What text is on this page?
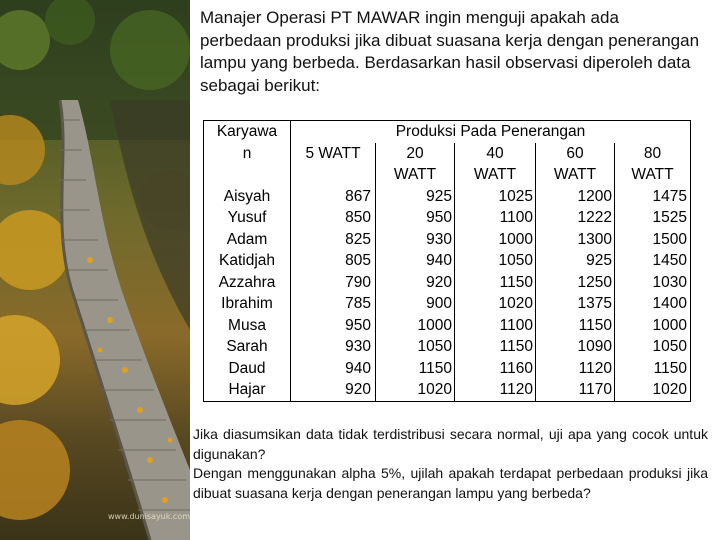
www.dunisayuk.com
Manajer Operasi PT MAWAR ingin menguji apakah ada perbedaan produksi jika dibuat suasana kerja dengan penerangan lampu yang berbeda. Berdasarkan hasil observasi diperoleh data sebagai berikut:
Karyawa	Produksi Pada Penerangan				
n	5 WATT	20	40	60	80
		WATT	WATT	WATT	WATT
Aisyah	867	925	1025	1200	1475
Yusuf	850	950	1100	1222	1525
Adam	825	930	1000	1300	1500
Katidjah	805	940	1050	925	1450
Azzahra	790	920	1150	1250	1030
Ibrahim	785	900	1020	1375	1400
Musa	950	1000	1100	1150	1000
Sarah	930	1050	1150	1090	1050
Daud	940	1150	1160	1120	1150
Hajar	920	1020	1120	1170	1020

Jika diasumsikan data tidak terdistribusi secara normal, uji apa yang cocok untuk digunakan?

Dengan menggunakan alpha 5%, ujilah apakah terdapat perbedaan produksi jika dibuat suasana kerja dengan penerangan lampu yang berbeda?
